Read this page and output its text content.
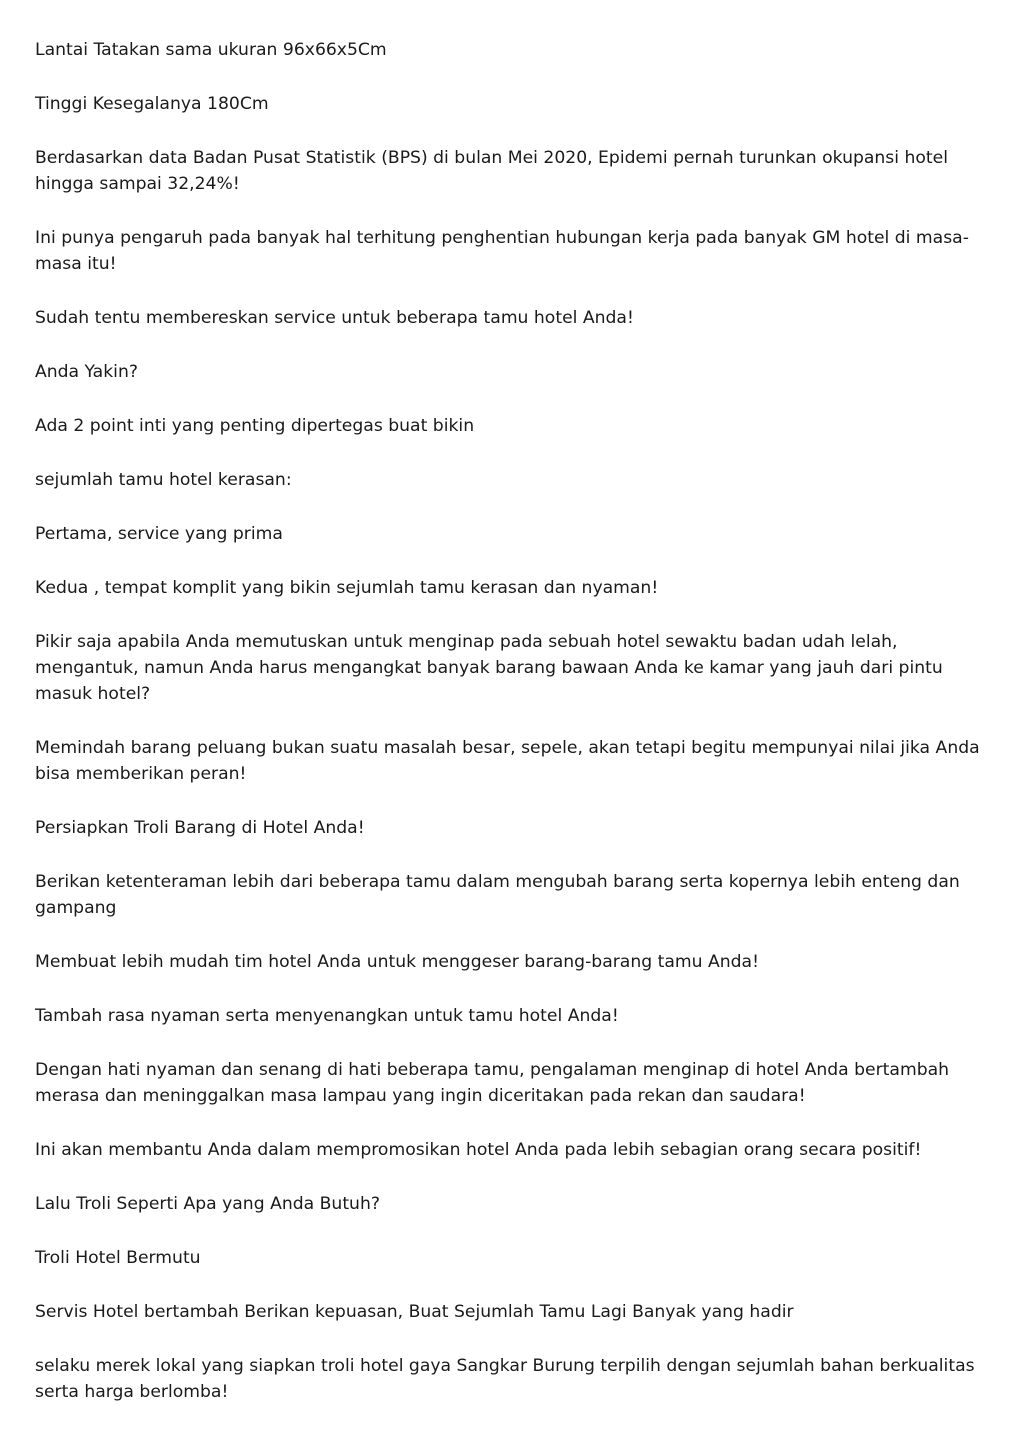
Lantai Tatakan sama ukuran 96x66x5Cm

Tinggi Kesegalanya 180Cm

Berdasarkan data Badan Pusat Statistik (BPS) di bulan Mei 2020, Epidemi pernah turunkan okupansi hotel hingga sampai 32,24%!

Ini punya pengaruh pada banyak hal terhitung penghentian hubungan kerja pada banyak GM hotel di masa-masa itu!

Sudah tentu membereskan service untuk beberapa tamu hotel Anda!

Anda Yakin?

Ada 2 point inti yang penting dipertegas buat bikin

sejumlah tamu hotel kerasan:

Pertama, service yang prima

Kedua , tempat komplit yang bikin sejumlah tamu kerasan dan nyaman!

Pikir saja apabila Anda memutuskan untuk menginap pada sebuah hotel sewaktu badan udah lelah, mengantuk, namun Anda harus mengangkat banyak barang bawaan Anda ke kamar yang jauh dari pintu masuk hotel?

Memindah barang peluang bukan suatu masalah besar, sepele, akan tetapi begitu mempunyai nilai jika Anda bisa memberikan peran!

Persiapkan Troli Barang di Hotel Anda!

Berikan ketenteraman lebih dari beberapa tamu dalam mengubah barang serta kopernya lebih enteng dan gampang

Membuat lebih mudah tim hotel Anda untuk menggeser barang-barang tamu Anda!

Tambah rasa nyaman serta menyenangkan untuk tamu hotel Anda!

Dengan hati nyaman dan senang di hati beberapa tamu, pengalaman menginap di hotel Anda bertambah merasa dan meninggalkan masa lampau yang ingin diceritakan pada rekan dan saudara!

Ini akan membantu Anda dalam mempromosikan hotel Anda pada lebih sebagian orang secara positif!

Lalu Troli Seperti Apa yang Anda Butuh?

Troli Hotel Bermutu

Servis Hotel bertambah Berikan kepuasan, Buat Sejumlah Tamu Lagi Banyak yang hadir

selaku merek lokal yang siapkan troli hotel gaya Sangkar Burung terpilih dengan sejumlah bahan berkualitas serta harga berlomba!
